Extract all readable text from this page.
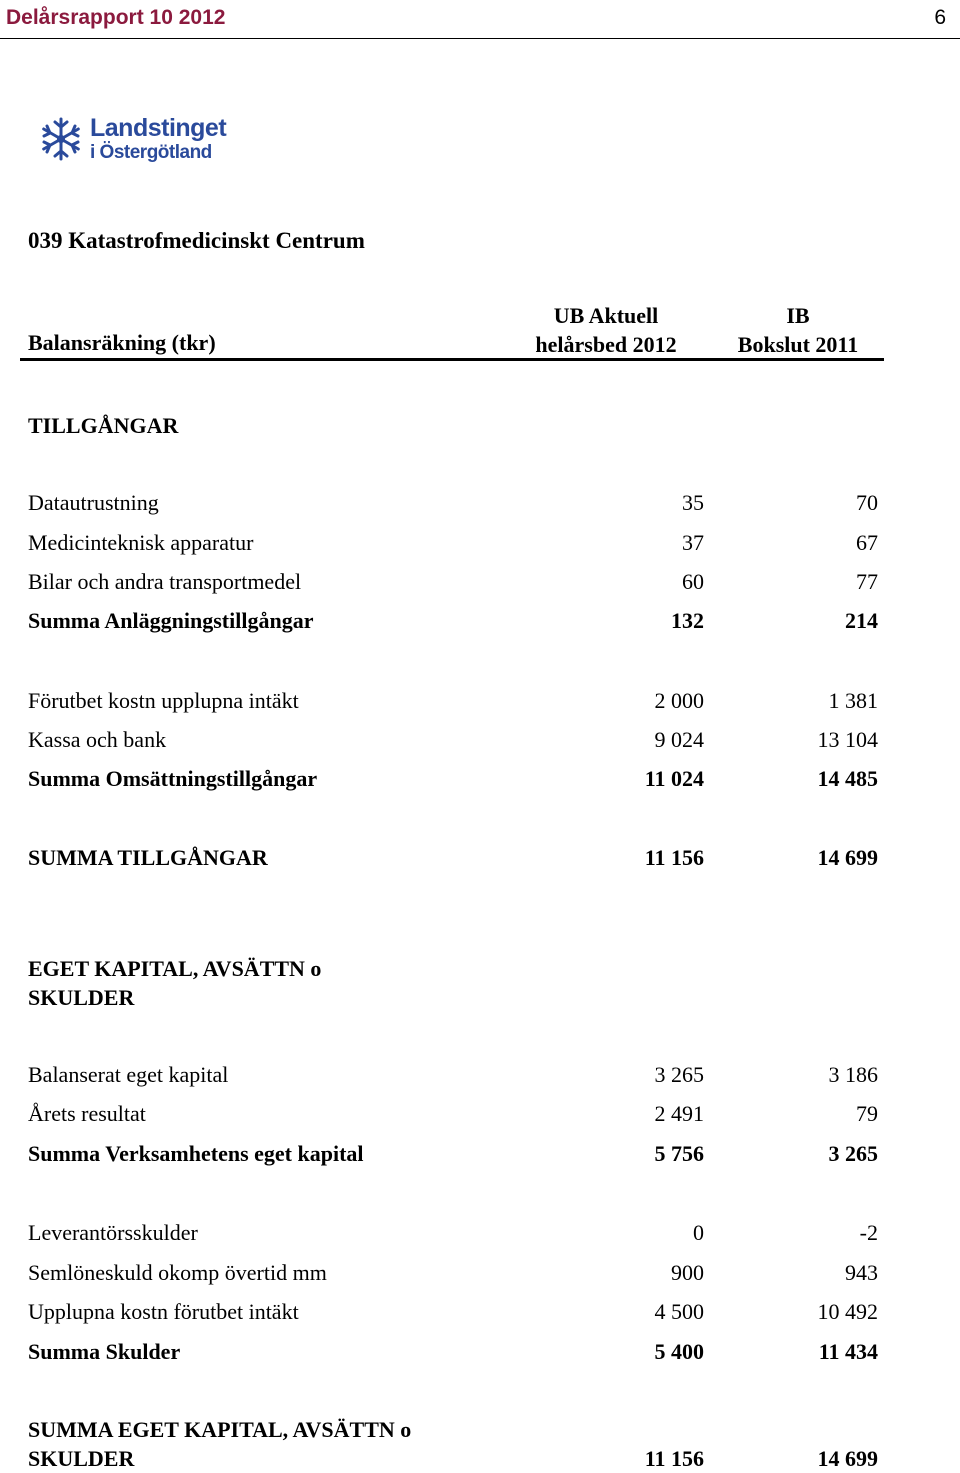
Delårsrapport 10 2012	6
Landstinget
i Östergötland
039 Katastrofmedicinskt Centrum
UB Aktuell
helårsbed 2012
IB
Bokslut 2011
Balansräkning (tkr)
TILLGÅNGAR
Datautrustning	35	70
Medicinteknisk apparatur	37	67
Bilar och andra transportmedel	60	77
Summa Anläggningstillgångar	132	214
Förutbet kostn upplupna intäkt	2 000	1 381
Kassa och bank	9 024	13 104
Summa Omsättningstillgångar	11 024	14 485
SUMMA TILLGÅNGAR	11 156	14 699
EGET KAPITAL, AVSÄTTN o
SKULDER
Balanserat eget kapital	3 265	3 186
Årets resultat	2 491	79
Summa Verksamhetens eget kapital	5 756	3 265
Leverantörsskulder	0	-2
Semlöneskuld okomp övertid mm	900	943
Upplupna kostn förutbet intäkt	4 500	10 492
Summa Skulder	5 400	11 434
SUMMA EGET KAPITAL, AVSÄTTN o
SKULDER	11 156	14 699
